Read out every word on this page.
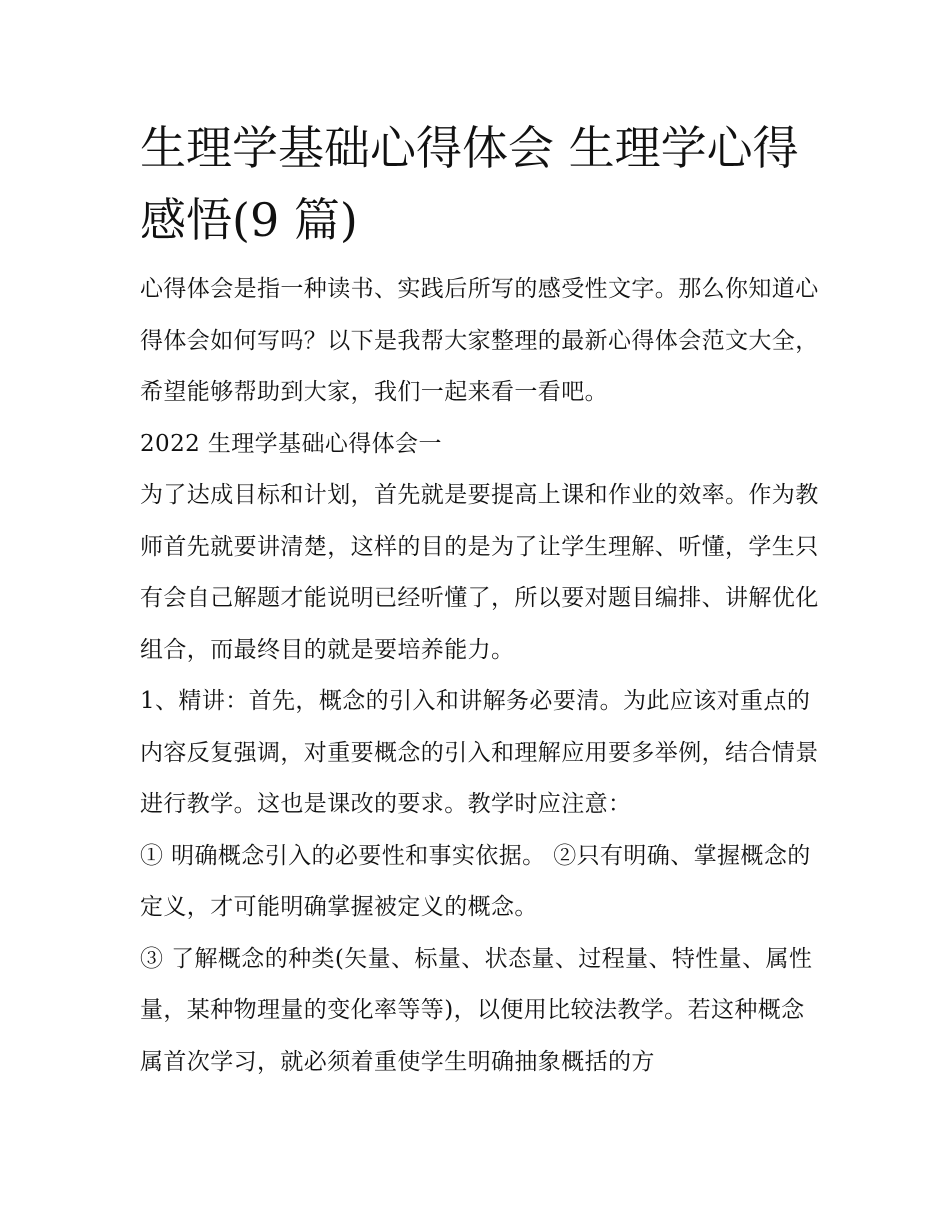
生理学基础心得体会 生理学心得感悟(9 篇)

心得体会是指一种读书、实践后所写的感受性文字。那么你知道心得体会如何写吗？以下是我帮大家整理的最新心得体会范文大全，希望能够帮助到大家，我们一起来看一看吧。

2022 生理学基础心得体会一

为了达成目标和计划，首先就是要提高上课和作业的效率。作为教师首先就要讲清楚，这样的目的是为了让学生理解、听懂，学生只有会自己解题才能说明已经听懂了，所以要对题目编排、讲解优化组合，而最终目的就是要培养能力。

1、精讲：首先，概念的引入和讲解务必要清。为此应该对重点的内容反复强调，对重要概念的引入和理解应用要多举例，结合情景进行教学。这也是课改的要求。教学时应注意：

① 明确概念引入的必要性和事实依据。 ②只有明确、掌握概念的定义，才可能明确掌握被定义的概念。

③ 了解概念的种类(矢量、标量、状态量、过程量、特性量、属性量，某种物理量的变化率等等)，以便用比较法教学。若这种概念属首次学习，就必须着重使学生明确抽象概括的方
